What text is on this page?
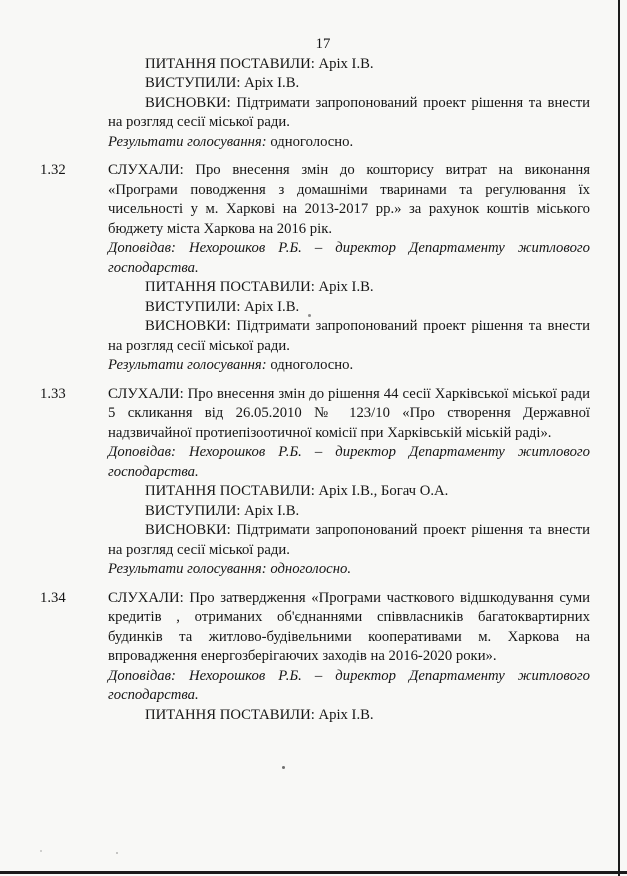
17

ПИТАННЯ ПОСТАВИЛИ: Аріх І.В.

ВИСТУПИЛИ: Аріх І.В.

ВИСНОВКИ: Підтримати запропонований проект рішення та внести на розгляд сесії міської ради.

Результати голосування: одноголосно.

1.32	СЛУХАЛИ: Про внесення змін до кошторису витрат на виконання «Програми поводження з домашніми тваринами та регулювання їх чисельності у м. Харкові на 2013-2017 рр.» за рахунок коштів міського бюджету міста Харкова на 2016 рік.

Доповідав: Нехорошков Р.Б. – директор Департаменту житлового господарства.

ПИТАННЯ ПОСТАВИЛИ: Аріх І.В.

ВИСТУПИЛИ: Аріх І.В.

ВИСНОВКИ: Підтримати запропонований проект рішення та внести на розгляд сесії міської ради.

Результати голосування: одноголосно.

1.33	СЛУХАЛИ: Про внесення змін до рішення 44 сесії Харківської міської ради 5 скликання від 26.05.2010 № 123/10 «Про створення Державної надзвичайної протиепізоотичної комісії при Харківській міській раді».

Доповідав: Нехорошков Р.Б. – директор Департаменту житлового господарства.

ПИТАННЯ ПОСТАВИЛИ: Аріх І.В., Богач О.А.

ВИСТУПИЛИ: Аріх І.В.

ВИСНОВКИ: Підтримати запропонований проект рішення та внести на розгляд сесії міської ради.

Результати голосування: одноголосно.

1.34	СЛУХАЛИ: Про затвердження «Програми часткового відшкодування суми кредитів , отриманих об'єднаннями співвласників багатоквартирних будинків та житлово-будівельними кооперативами м. Харкова на впровадження енергозберігаючих заходів на 2016-2020 роки».

Доповідав: Нехорошков Р.Б. – директор Департаменту житлового господарства.

ПИТАННЯ ПОСТАВИЛИ: Аріх І.В.
